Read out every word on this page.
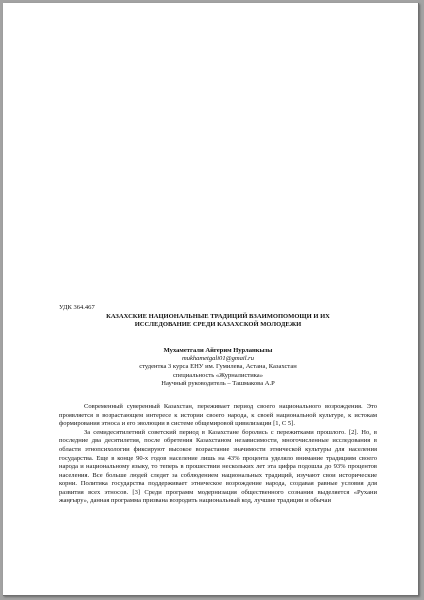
УДК 364.467

КАЗАХСКИЕ НАЦИОНАЛЬНЫЕ ТРАДИЦИЙ ВЗАИМОПОМОЩИ И ИХ
ИССЛЕДОВАНИЕ СРЕДИ КАЗАХСКОЙ МОЛОДЕЖИ
Мухаметгали Айгерим Нурланкызы
mukhametgali01@gmail.ru
студентка 3 курса ЕНУ им. Гумилева, Астана, Казахстан
специальность «Журналистика»
Научный руководитель – Ташмакова А.Р

Современный суверенный Казахстан, переживает период своего национального возрождения. Это проявляется в возрастающем интересе к истории своего народа, к своей национальной культуре, к истокам формирования этноса и его эволюции в системе общемировой цивилизации [1, С 5].

За семидесятилетний советский период в Казахстане боролись с пережитками прошлого. [2]. Но, в последние два десятилетия, после обретения Казахстаном независимости, многочисленные исследования в области этнопсихологии фиксируют высокое возрастание значимости этнической культуры для населения государства. Еще в конце 90-х годов население лишь на 43% процента уделяло внимание традициям своего народа и национальному языку, то теперь в прошествии нескольких лет эта цифра подошла до 93% процентов населения. Все больше людей следят за соблюдением национальных традиций, изучают свои исторические корни. Политика государства поддерживает этническое возрождение народа, создавая равные условия для развития всех этносов. [3] Среди программ модернизация общественного сознания выделяется «Рухани жаңғыру», данная программа призвана возродить национальный код, лучшие традиции и обычаи
